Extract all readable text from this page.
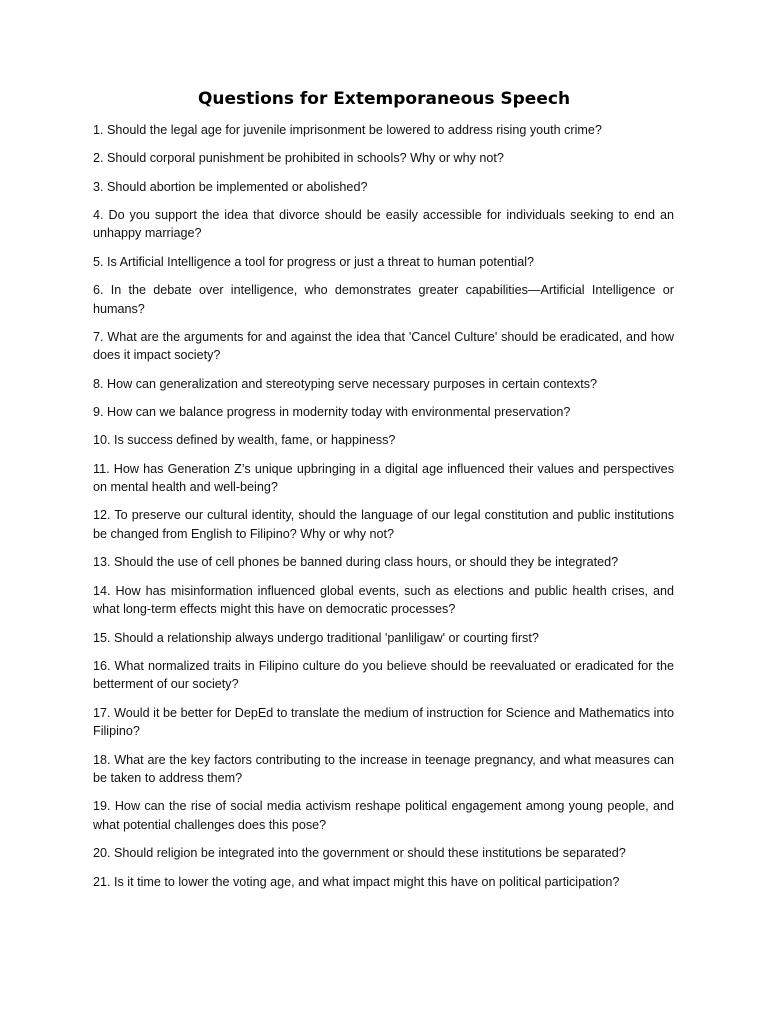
Questions for Extemporaneous Speech
1. Should the legal age for juvenile imprisonment be lowered to address rising youth crime?
2. Should corporal punishment be prohibited in schools? Why or why not?
3. Should abortion be implemented or abolished?
4. Do you support the idea that divorce should be easily accessible for individuals seeking to end an unhappy marriage?
5. Is Artificial Intelligence a tool for progress or just a threat to human potential?
6. In the debate over intelligence, who demonstrates greater capabilities—Artificial Intelligence or humans?
7. What are the arguments for and against the idea that 'Cancel Culture' should be eradicated, and how does it impact society?
8. How can generalization and stereotyping serve necessary purposes in certain contexts?
9. How can we balance progress in modernity today with environmental preservation?
10. Is success defined by wealth, fame, or happiness?
11. How has Generation Z’s unique upbringing in a digital age influenced their values and perspectives on mental health and well-being?
12. To preserve our cultural identity, should the language of our legal constitution and public institutions be changed from English to Filipino? Why or why not?
13. Should the use of cell phones be banned during class hours, or should they be integrated?
14. How has misinformation influenced global events, such as elections and public health crises, and what long-term effects might this have on democratic processes?
15. Should a relationship always undergo traditional 'panliligaw' or courting first?
16. What normalized traits in Filipino culture do you believe should be reevaluated or eradicated for the betterment of our society?
17. Would it be better for DepEd to translate the medium of instruction for Science and Mathematics into Filipino?
18. What are the key factors contributing to the increase in teenage pregnancy, and what measures can be taken to address them?
19. How can the rise of social media activism reshape political engagement among young people, and what potential challenges does this pose?
20. Should religion be integrated into the government or should these institutions be separated?
21. Is it time to lower the voting age, and what impact might this have on political participation?
